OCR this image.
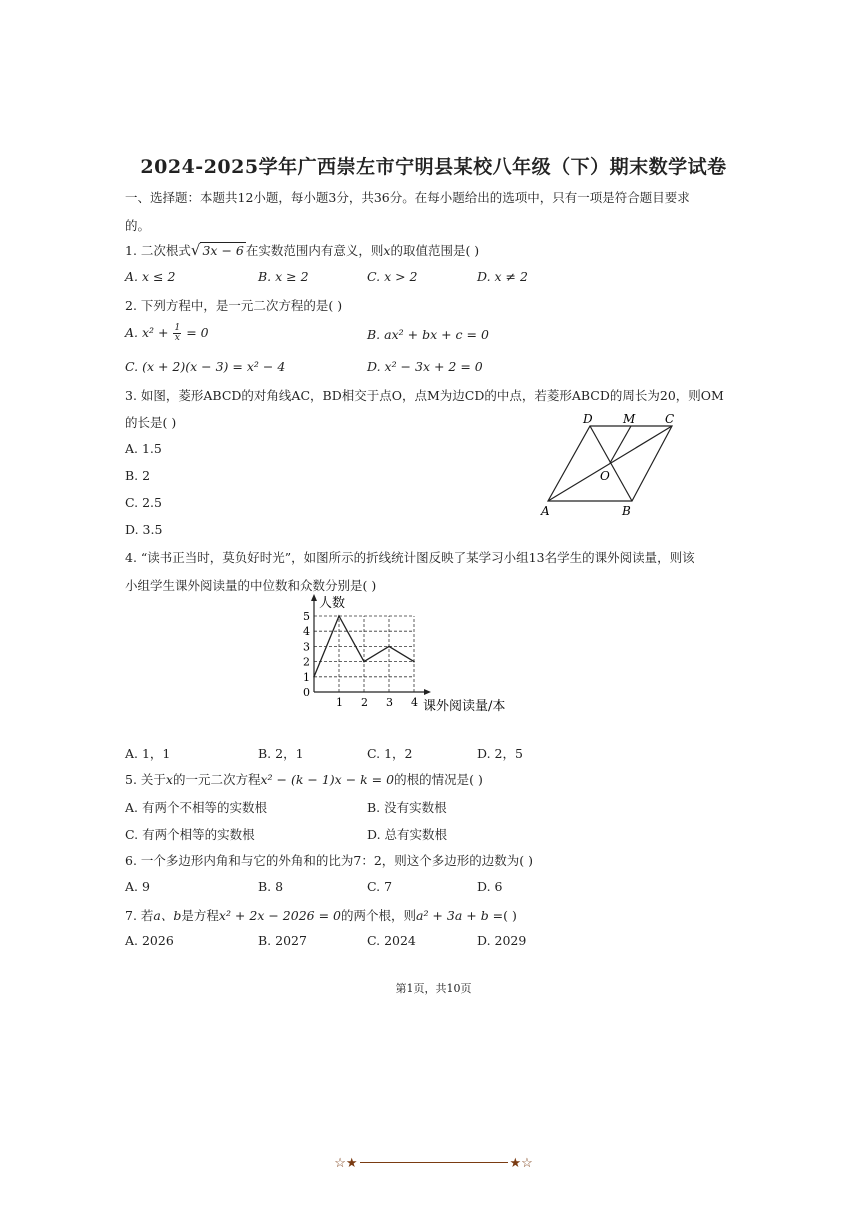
2024-2025学年广西崇左市宁明县某校八年级（下）期末数学试卷
一、选择题：本题共12小题，每小题3分，共36分。在每小题给出的选项中，只有一项是符合题目要求
的。
1. 二次根式√ 3x − 6 在实数范围内有意义，则x的取值范围是( )
A. x ≤ 2	B. x ≥ 2	C. x > 2	D. x ≠ 2
2. 下列方程中，是一元二次方程的是( )
A. $x^2 + \frac{1}{x} = 0$	B. ax² + bx + c = 0
C. (x + 2)(x − 3) = x² − 4	D. x² − 3x + 2 = 0
3. 如图，菱形ABCD的对角线AC，BD相交于点O，点M为边CD的中点，若菱形ABCD的周长为20，则OM
的长是( )
A. 1.5
B. 2
C. 2.5
D. 3.5
D	M C
O
A	B
4. “读书正当时，莫负好时光”，如图所示的折线统计图反映了某学习小组13名学生的课外阅读量，则该
小组学生课外阅读量的中位数和众数分别是( )
0
1
2
3
4
5
1 2 3 4
人数
课外阅读量/本
A. 1，1	B. 2，1	C. 1，2	D. 2，5
5. 关于x的一元二次方程x² − (k − 1)x − k = 0的根的情况是( )
A. 有两个不相等的实数根	B. 没有实数根
C. 有两个相等的实数根	D. 总有实数根
6. 一个多边形内角和与它的外角和的比为7：2，则这个多边形的边数为( )
A. 9	B. 8	C. 7	D. 6
7. 若a、b是方程x² + 2x − 2026 = 0的两个根，则a² + 3a + b =( )
A. 2026	B. 2027	C. 2024	D. 2029
第1页，共10页
☆★	★☆
